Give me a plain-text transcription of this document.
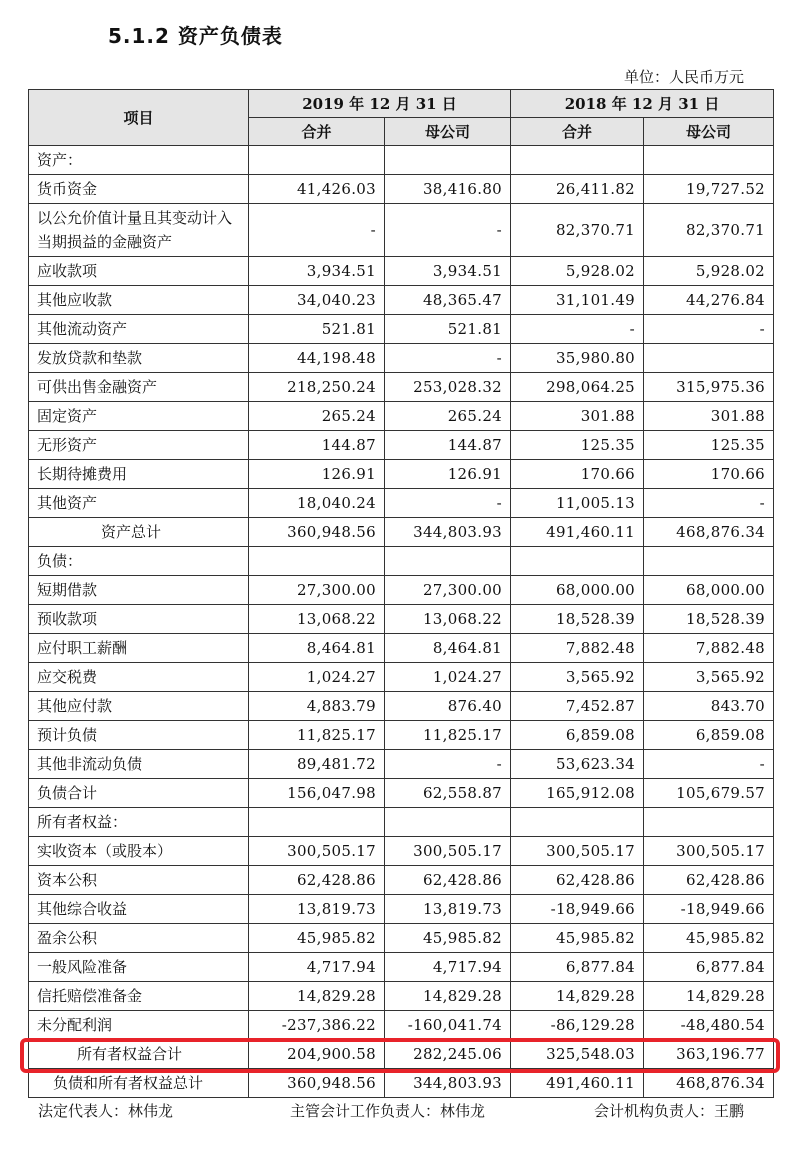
5.1.2 资产负债表
单位：人民币万元
项目	2019 年 12 月 31 日		2018 年 12 月 31 日	
	合并	母公司	合并	母公司
资产：				
货币资金	41,426.03	38,416.80	26,411.82	19,727.52
以公允价值计量且其变动计入当期损益的金融资产	-	-	82,370.71	82,370.71
应收款项	3,934.51	3,934.51	5,928.02	5,928.02
其他应收款	34,040.23	48,365.47	31,101.49	44,276.84
其他流动资产	521.81	521.81	-	-
发放贷款和垫款	44,198.48	-	35,980.80	
可供出售金融资产	218,250.24	253,028.32	298,064.25	315,975.36
固定资产	265.24	265.24	301.88	301.88
无形资产	144.87	144.87	125.35	125.35
长期待摊费用	126.91	126.91	170.66	170.66
其他资产	18,040.24	-	11,005.13	-
资产总计	360,948.56	344,803.93	491,460.11	468,876.34
负债：				
短期借款	27,300.00	27,300.00	68,000.00	68,000.00
预收款项	13,068.22	13,068.22	18,528.39	18,528.39
应付职工薪酬	8,464.81	8,464.81	7,882.48	7,882.48
应交税费	1,024.27	1,024.27	3,565.92	3,565.92
其他应付款	4,883.79	876.40	7,452.87	843.70
预计负债	11,825.17	11,825.17	6,859.08	6,859.08
其他非流动负债	89,481.72	-	53,623.34	-
负债合计	156,047.98	62,558.87	165,912.08	105,679.57
所有者权益：				
实收资本（或股本）	300,505.17	300,505.17	300,505.17	300,505.17
资本公积	62,428.86	62,428.86	62,428.86	62,428.86
其他综合收益	13,819.73	13,819.73	-18,949.66	-18,949.66
盈余公积	45,985.82	45,985.82	45,985.82	45,985.82
一般风险准备	4,717.94	4,717.94	6,877.84	6,877.84
信托赔偿准备金	14,829.28	14,829.28	14,829.28	14,829.28
未分配利润	-237,386.22	-160,041.74	-86,129.28	-48,480.54
所有者权益合计	204,900.58	282,245.06	325,548.03	363,196.77
负债和所有者权益总计	360,948.56	344,803.93	491,460.11	468,876.34
法定代表人：林伟龙	主管会计工作负责人：林伟龙	会计机构负责人：王鹏
